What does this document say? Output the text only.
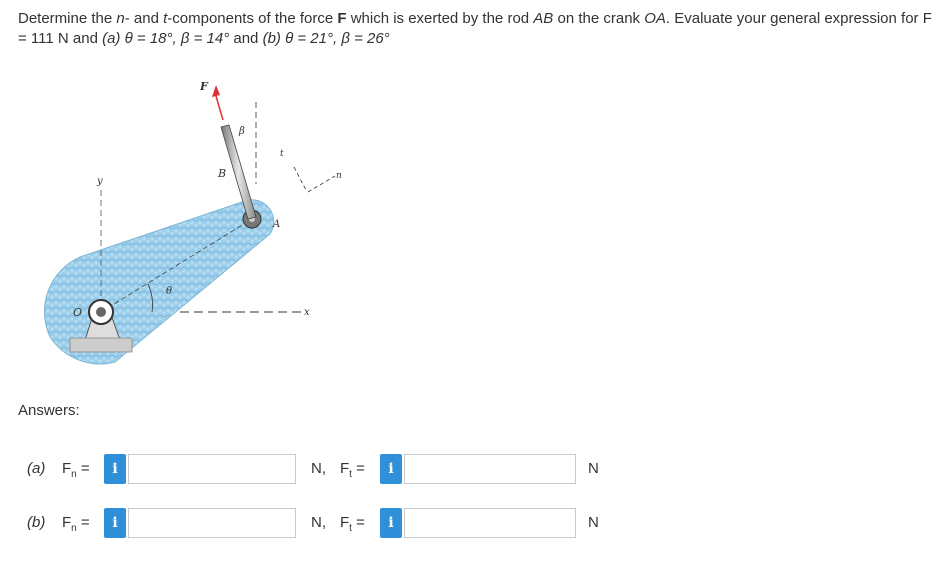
Determine the n- and t-components of the force F which is exerted by the rod AB on the crank OA. Evaluate your general expression for F = 111 N and (a) θ = 18°, β = 14° and (b) θ = 21°, β = 26°
y
x
θ
O
A
B
β
F
t
n
Answers:
(a) $F_n$ =	i	N, $F_t$ =	i	N
(b) $F_n$ =	i	N, $F_t$ =	i	N
